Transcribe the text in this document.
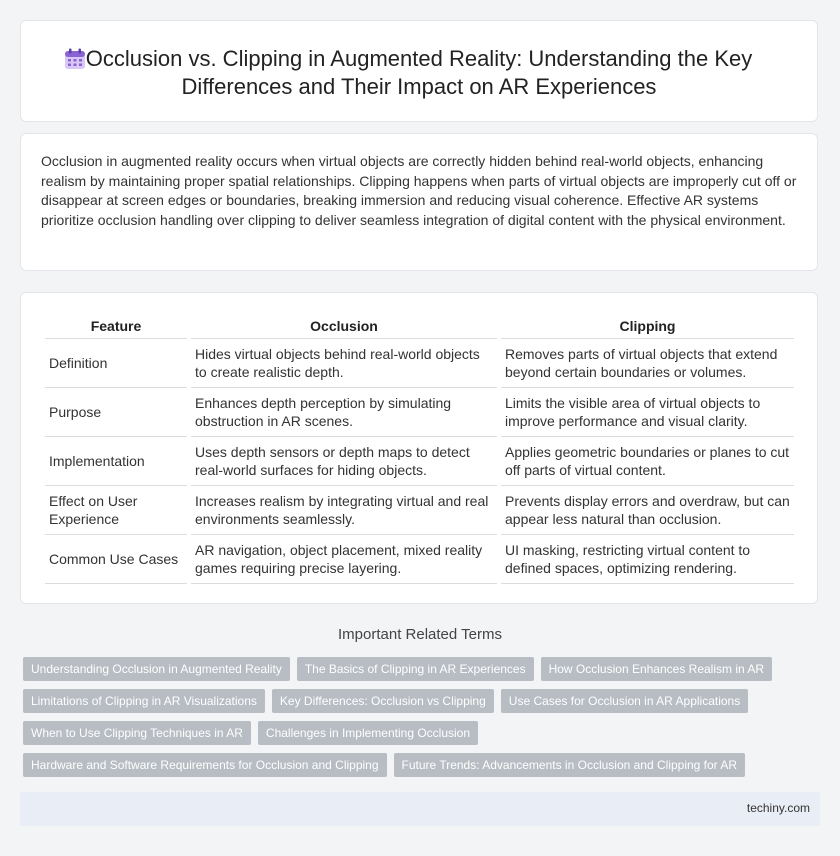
Occlusion vs. Clipping in Augmented Reality: Understanding the Key Differences and Their Impact on AR Experiences

Occlusion in augmented reality occurs when virtual objects are correctly hidden behind real-world objects, enhancing realism by maintaining proper spatial relationships. Clipping happens when parts of virtual objects are improperly cut off or disappear at screen edges or boundaries, breaking immersion and reducing visual coherence. Effective AR systems prioritize occlusion handling over clipping to deliver seamless integration of digital content with the physical environment.

Feature	Occlusion	Clipping
Definition	Hides virtual objects behind real-world objects to create realistic depth.	Removes parts of virtual objects that extend beyond certain boundaries or volumes.
Purpose	Enhances depth perception by simulating obstruction in AR scenes.	Limits the visible area of virtual objects to improve performance and visual clarity.
Implementation	Uses depth sensors or depth maps to detect real-world surfaces for hiding objects.	Applies geometric boundaries or planes to cut off parts of virtual content.
Effect on User Experience	Increases realism by integrating virtual and real environments seamlessly.	Prevents display errors and overdraw, but can appear less natural than occlusion.
Common Use Cases	AR navigation, object placement, mixed reality games requiring precise layering.	UI masking, restricting virtual content to defined spaces, optimizing rendering.
Important Related Terms
Understanding Occlusion in Augmented Reality	The Basics of Clipping in AR Experiences	How Occlusion Enhances Realism in AR
Limitations of Clipping in AR Visualizations	Key Differences: Occlusion vs Clipping	Use Cases for Occlusion in AR Applications
When to Use Clipping Techniques in AR	Challenges in Implementing Occlusion
Hardware and Software Requirements for Occlusion and Clipping	Future Trends: Advancements in Occlusion and Clipping for AR
techiny.com
